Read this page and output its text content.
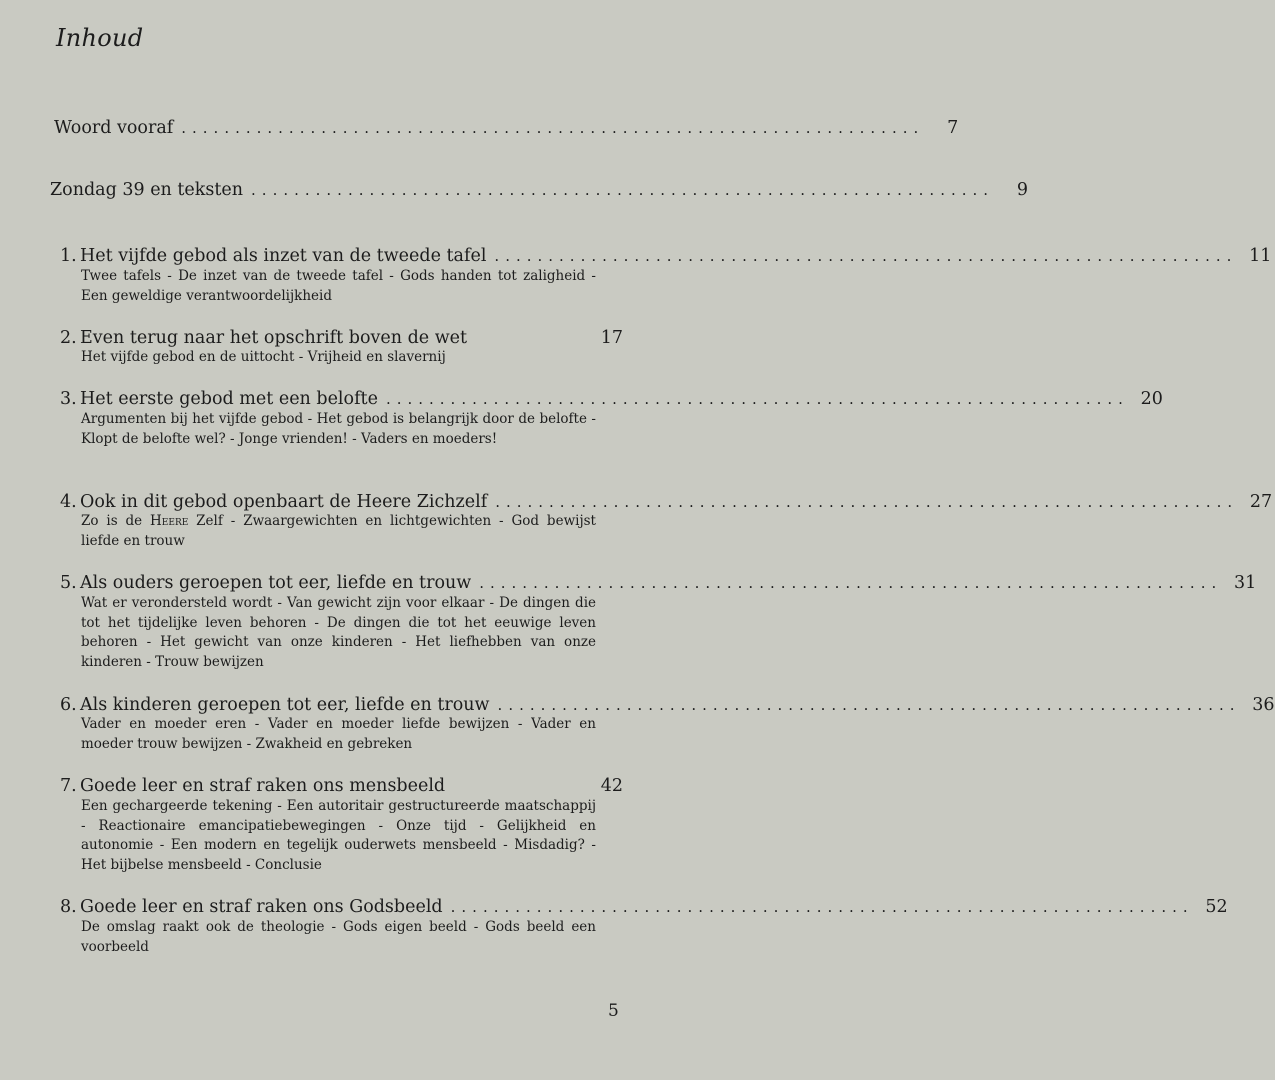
Inhoud
Woord vooraf .....................................................................	7
Zondag 39 en teksten .....................................................................	9
1. Het vijfde gebod als inzet van de tweede tafel ..................................................................... 11
Twee tafels - De inzet van de tweede tafel - Gods handen tot zaligheid - Een geweldige verantwoordelijkheid
2. Even terug naar het opschrift boven de wet	17
Het vijfde gebod en de uittocht - Vrijheid en slavernij
3. Het eerste gebod met een belofte ..................................................................... 20
Argumenten bij het vijfde gebod - Het gebod is belangrijk door de belofte - Klopt de belofte wel? - Jonge vrienden! - Vaders en moeders!
4. Ook in dit gebod openbaart de Heere Zichzelf ..................................................................... 27
Zo is de Heere Zelf - Zwaargewichten en lichtgewichten - God bewijst liefde en trouw
5. Als ouders geroepen tot eer, liefde en trouw ..................................................................... 31
Wat er verondersteld wordt - Van gewicht zijn voor elkaar - De dingen die tot het tijdelijke leven behoren - De dingen die tot het eeuwige leven behoren - Het gewicht van onze kinderen - Het liefhebben van onze kinderen - Trouw bewijzen
6. Als kinderen geroepen tot eer, liefde en trouw ..................................................................... 36
Vader en moeder eren - Vader en moeder liefde bewijzen - Vader en moeder trouw bewijzen - Zwakheid en gebreken
7. Goede leer en straf raken ons mensbeeld	42
Een gechargeerde tekening - Een autoritair gestructureerde maatschappij - Reactionaire emancipatiebewegingen - Onze tijd - Gelijkheid en autonomie - Een modern en tegelijk ouderwets mensbeeld - Misdadig? - Het bijbelse mensbeeld - Conclusie
8. Goede leer en straf raken ons Godsbeeld ..................................................................... 52
De omslag raakt ook de theologie - Gods eigen beeld - Gods beeld een voorbeeld
5
